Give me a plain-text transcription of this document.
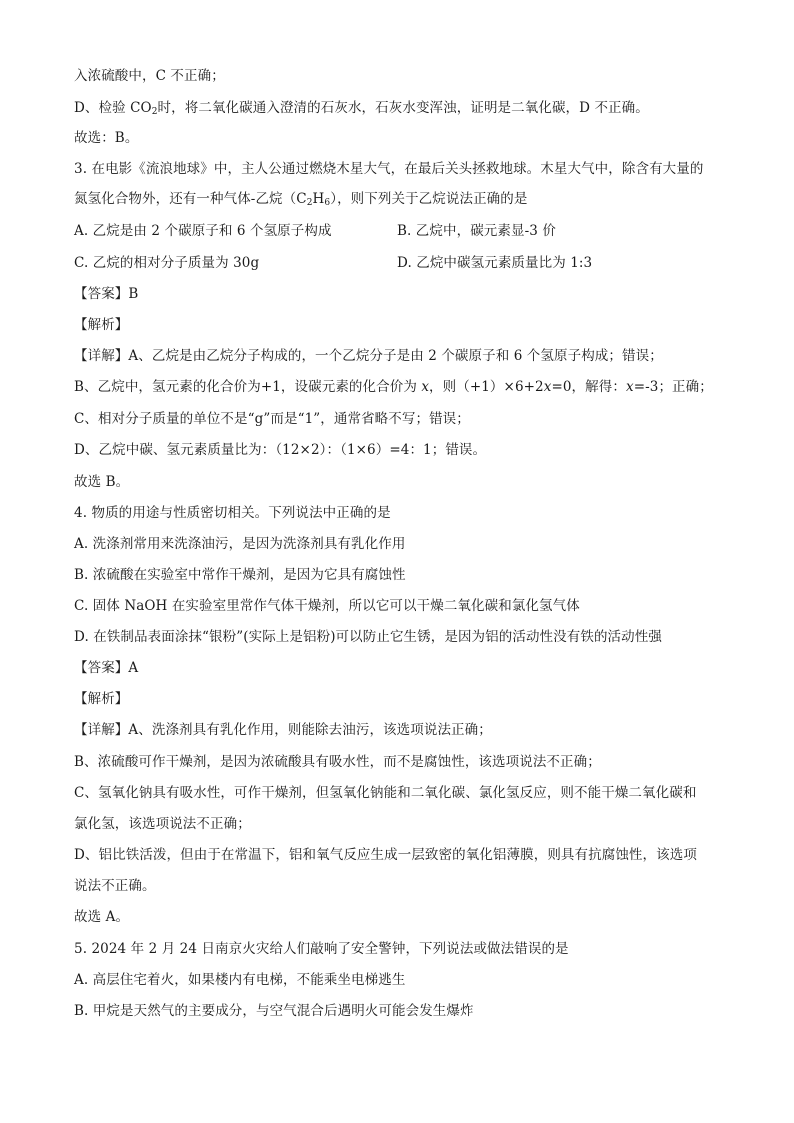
入浓硫酸中，C 不正确；
D、检验 $CO_2$时，将二氧化碳通入澄清的石灰水，石灰水变浑浊，证明是二氧化碳，D 不正确。
故选：B。
3. 在电影《流浪地球》中，主人公通过燃烧木星大气，在最后关头拯救地球。木星大气中，除含有大量的
氮氢化合物外，还有一种气体-乙烷$(C_2H_6)$，则下列关于乙烷说法正确的是
A. 乙烷是由 2 个碳原子和 6 个氢原子构成	B. 乙烷中，碳元素显-3 价
C. 乙烷的相对分子质量为 30g	D. 乙烷中碳氢元素质量比为 1:3
【答案】B
【解析】
【详解】A、乙烷是由乙烷分子构成的，一个乙烷分子是由 2 个碳原子和 6 个氢原子构成；错误；
B、乙烷中，氢元素的化合价为+1，设碳元素的化合价为 x，则（+1）×6+2x=0，解得：x=-3；正确；
C、相对分子质量的单位不是“g”而是“1”，通常省略不写；错误；
D、乙烷中碳、氢元素质量比为：（12×2）：（1×6）=4：1；错误。
故选 B。
4. 物质的用途与性质密切相关。下列说法中正确的是
A. 洗涤剂常用来洗涤油污，是因为洗涤剂具有乳化作用
B. 浓硫酸在实验室中常作干燥剂，是因为它具有腐蚀性
C. 固体 NaOH 在实验室里常作气体干燥剂，所以它可以干燥二氧化碳和氯化氢气体
D. 在铁制品表面涂抹“银粉”(实际上是铝粉)可以防止它生锈，是因为铝的活动性没有铁的活动性强
【答案】A
【解析】
【详解】A、洗涤剂具有乳化作用，则能除去油污，该选项说法正确；
B、浓硫酸可作干燥剂，是因为浓硫酸具有吸水性，而不是腐蚀性，该选项说法不正确；
C、氢氧化钠具有吸水性，可作干燥剂，但氢氧化钠能和二氧化碳、氯化氢反应，则不能干燥二氧化碳和
氯化氢，该选项说法不正确；
D、铝比铁活泼，但由于在常温下，铝和氧气反应生成一层致密的氧化铝薄膜，则具有抗腐蚀性，该选项
说法不正确。
故选 A。
5. 2024 年 2 月 24 日南京火灾给人们敲响了安全警钟，下列说法或做法错误的是
A. 高层住宅着火，如果楼内有电梯，不能乘坐电梯逃生
B. 甲烷是天然气的主要成分，与空气混合后遇明火可能会发生爆炸
